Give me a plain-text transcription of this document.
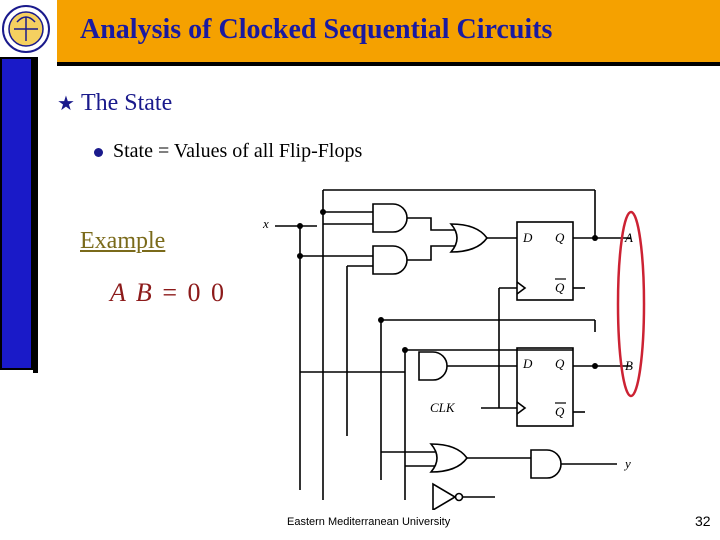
Analysis of Clocked Sequential Circuits
★ The State
State = Values of all Flip-Flops
Example
A B = 0 0
x
D Q
Q
D Q
Q
CLK
A
B
y
Eastern Mediterranean University	32
